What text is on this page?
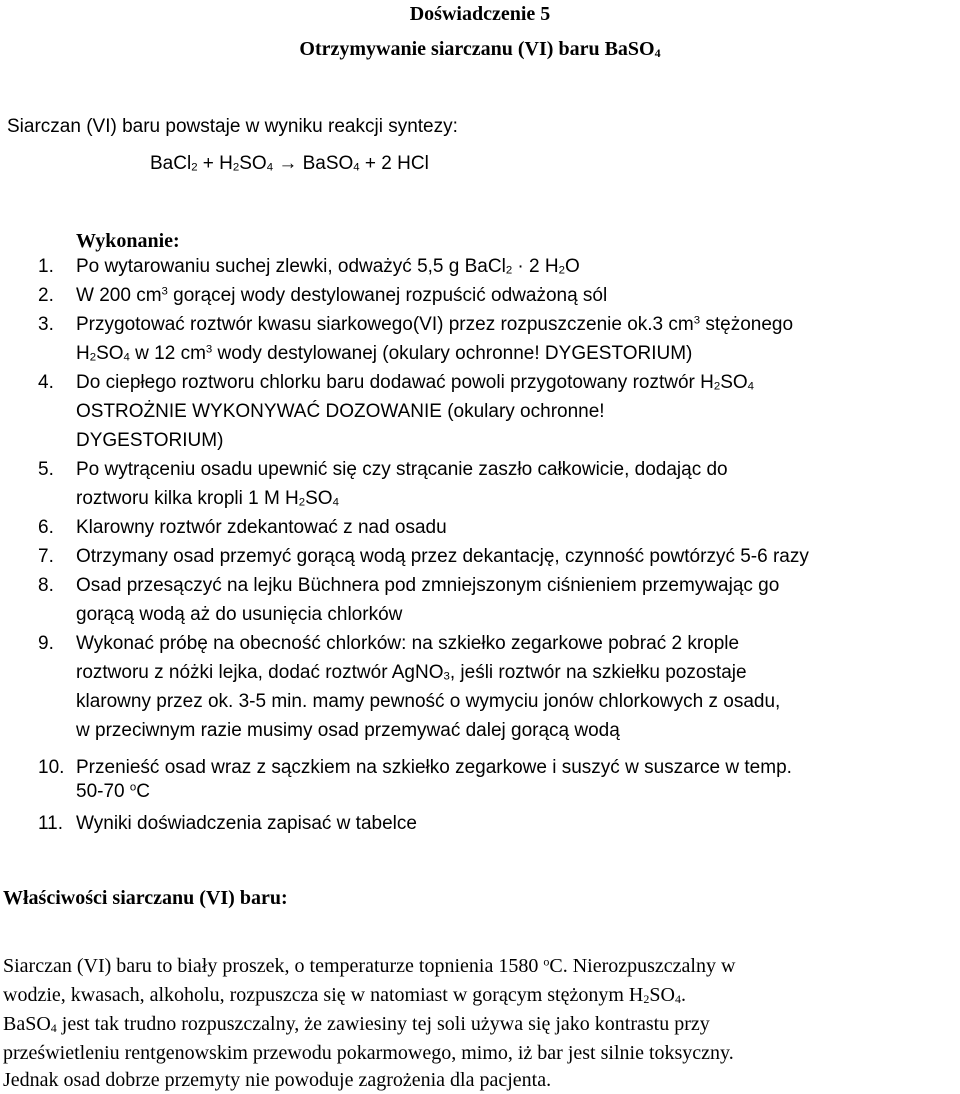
Doświadczenie 5
Otrzymywanie siarczanu (VI) baru BaSO$_4$
Siarczan (VI) baru powstaje w wyniku reakcji syntezy:
BaCl$_2$ + $H_2SO_4$ → BaSO$_4$ + 2 HCl
Wykonanie:
1. Po wytarowaniu suchej zlewki, odważyć 5,5 g BaCl$_2$ · 2 $H_2O$
2. W 200 $cm^3$ gorącej wody destylowanej rozpuścić odważoną sól
3. Przygotować roztwór kwasu siarkowego(VI) przez rozpuszczenie ok.3 $cm^3$ stężonego
$H_2SO_4$ w 12 $cm^3$ wody destylowanej (okulary ochronne! DYGESTORIUM)
4. Do ciepłego roztworu chlorku baru dodawać powoli przygotowany roztwór $H_2SO_4$
OSTROŻNIE WYKONYWAĆ DOZOWANIE (okulary ochronne!
DYGESTORIUM)
5. Po wytrąceniu osadu upewnić się czy strącanie zaszło całkowicie, dodając do
roztworu kilka kropli 1 M $H_2SO_4$
6. Klarowny roztwór zdekantować z nad osadu
7. Otrzymany osad przemyć gorącą wodą przez dekantację, czynność powtórzyć 5-6 razy
8. Osad przesączyć na lejku Büchnera pod zmniejszonym ciśnieniem przemywając go
gorącą wodą aż do usunięcia chlorków
9. Wykonać próbę na obecność chlorków: na szkiełko zegarkowe pobrać 2 krople
roztworu z nóżki lejka, dodać roztwór AgNO$_3$, jeśli roztwór na szkiełku pozostaje
klarowny przez ok. 3-5 min. mamy pewność o wymyciu jonów chlorkowych z osadu,
w przeciwnym razie musimy osad przemywać dalej gorącą wodą
10. Przenieść osad wraz z sączkiem na szkiełko zegarkowe i suszyć w suszarce w temp.
50-70 $^o$C
11. Wyniki doświadczenia zapisać w tabelce
Właściwości siarczanu (VI) baru:
Siarczan (VI) baru to biały proszek, o temperaturze topnienia 1580 $^o$C. Nierozpuszczalny w
wodzie, kwasach, alkoholu, rozpuszcza się w natomiast w gorącym stężonym $H_2SO_4$.
BaSO$_4$ jest tak trudno rozpuszczalny, że zawiesiny tej soli używa się jako kontrastu przy
prześwietleniu rentgenowskim przewodu pokarmowego, mimo, iż bar jest silnie toksyczny.
Jednak osad dobrze przemyty nie powoduje zagrożenia dla pacjenta.
